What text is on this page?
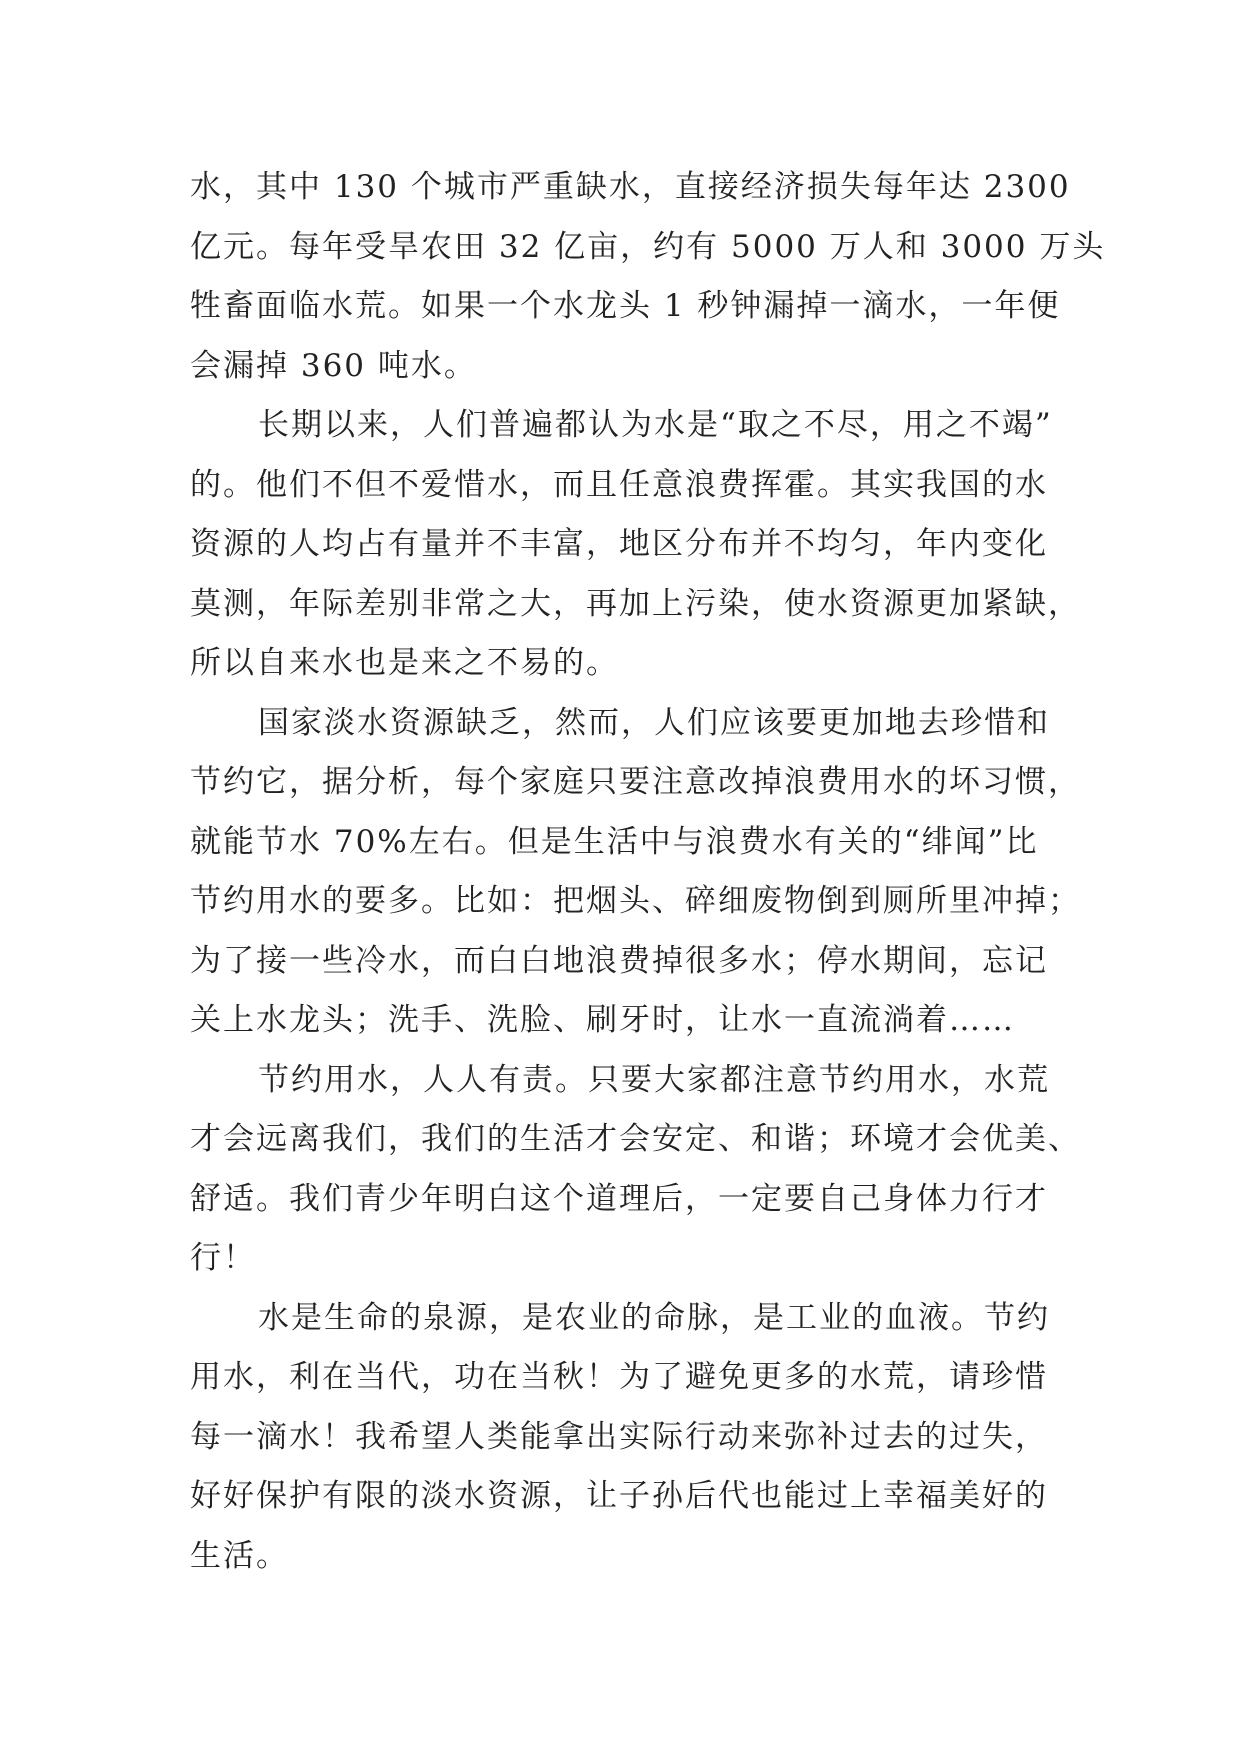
水，其中 130 个城市严重缺水，直接经济损失每年达 2300
亿元。每年受旱农田 32 亿亩，约有 5000 万人和 3000 万头
牲畜面临水荒。如果一个水龙头 1 秒钟漏掉一滴水，一年便
会漏掉 360 吨水。
长期以来，人们普遍都认为水是“取之不尽，用之不竭”
的。他们不但不爱惜水，而且任意浪费挥霍。其实我国的水
资源的人均占有量并不丰富，地区分布并不均匀，年内变化
莫测，年际差别非常之大，再加上污染，使水资源更加紧缺，
所以自来水也是来之不易的。
国家淡水资源缺乏，然而，人们应该要更加地去珍惜和
节约它，据分析，每个家庭只要注意改掉浪费用水的坏习惯，
就能节水 70%左右。但是生活中与浪费水有关的“绯闻”比
节约用水的要多。比如：把烟头、碎细废物倒到厕所里冲掉；
为了接一些冷水，而白白地浪费掉很多水；停水期间，忘记
关上水龙头；洗手、洗脸、刷牙时，让水一直流淌着……
节约用水，人人有责。只要大家都注意节约用水，水荒
才会远离我们，我们的生活才会安定、和谐；环境才会优美、
舒适。我们青少年明白这个道理后，一定要自己身体力行才
行！
水是生命的泉源，是农业的命脉，是工业的血液。节约
用水，利在当代，功在当秋！为了避免更多的水荒，请珍惜
每一滴水！我希望人类能拿出实际行动来弥补过去的过失，
好好保护有限的淡水资源，让子孙后代也能过上幸福美好的
生活。
